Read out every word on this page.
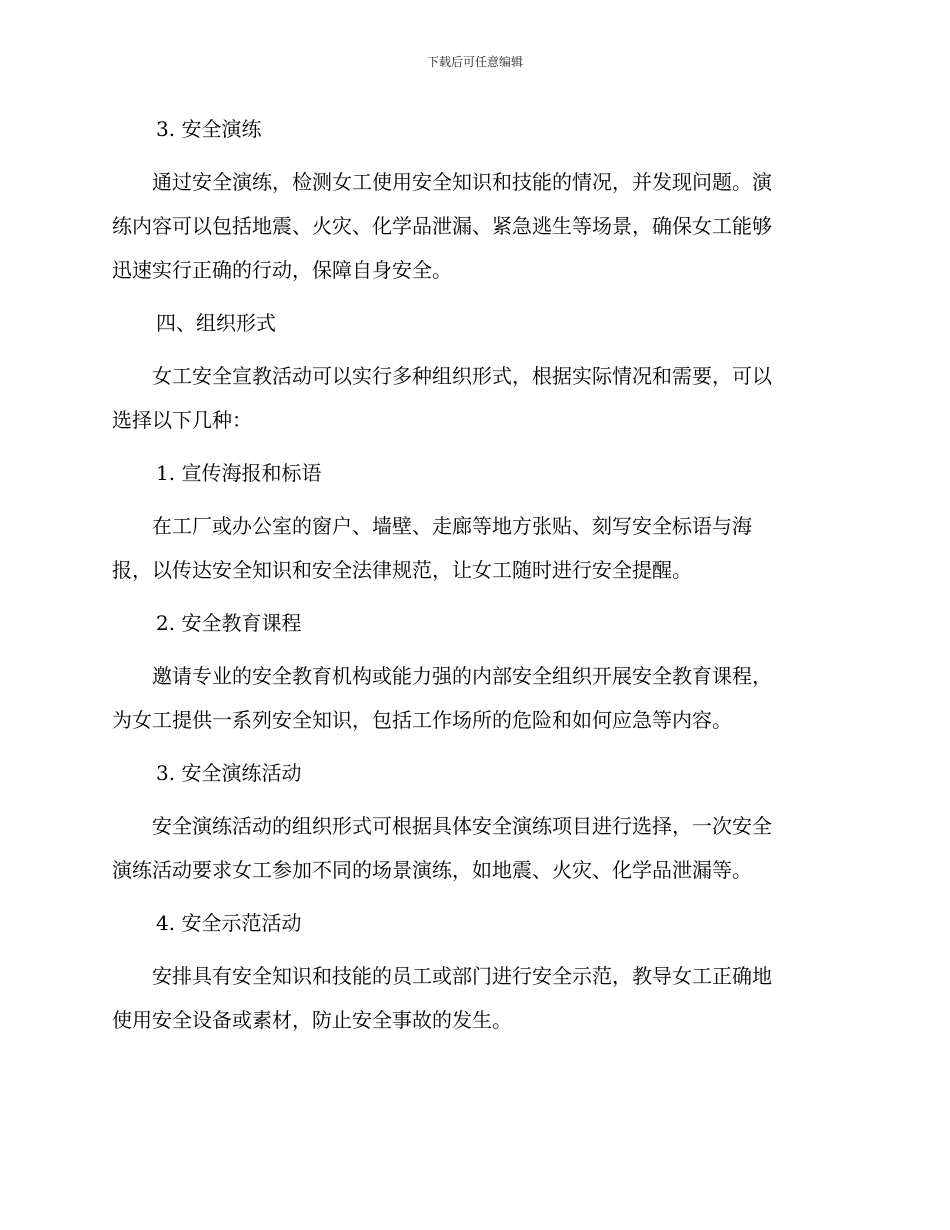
下载后可任意编辑
3. 安全演练

通过安全演练，检测女工使用安全知识和技能的情况，并发现问题。演
练内容可以包括地震、火灾、化学品泄漏、紧急逃生等场景，确保女工能够
迅速实行正确的行动，保障自身安全。

四、组织形式

女工安全宣教活动可以实行多种组织形式，根据实际情况和需要，可以
选择以下几种：

1. 宣传海报和标语

在工厂或办公室的窗户、墙壁、走廊等地方张贴、刻写安全标语与海
报，以传达安全知识和安全法律规范，让女工随时进行安全提醒。

2. 安全教育课程

邀请专业的安全教育机构或能力强的内部安全组织开展安全教育课程，
为女工提供一系列安全知识，包括工作场所的危险和如何应急等内容。

3. 安全演练活动

安全演练活动的组织形式可根据具体安全演练项目进行选择，一次安全
演练活动要求女工参加不同的场景演练，如地震、火灾、化学品泄漏等。

4. 安全示范活动

安排具有安全知识和技能的员工或部门进行安全示范，教导女工正确地
使用安全设备或素材，防止安全事故的发生。
